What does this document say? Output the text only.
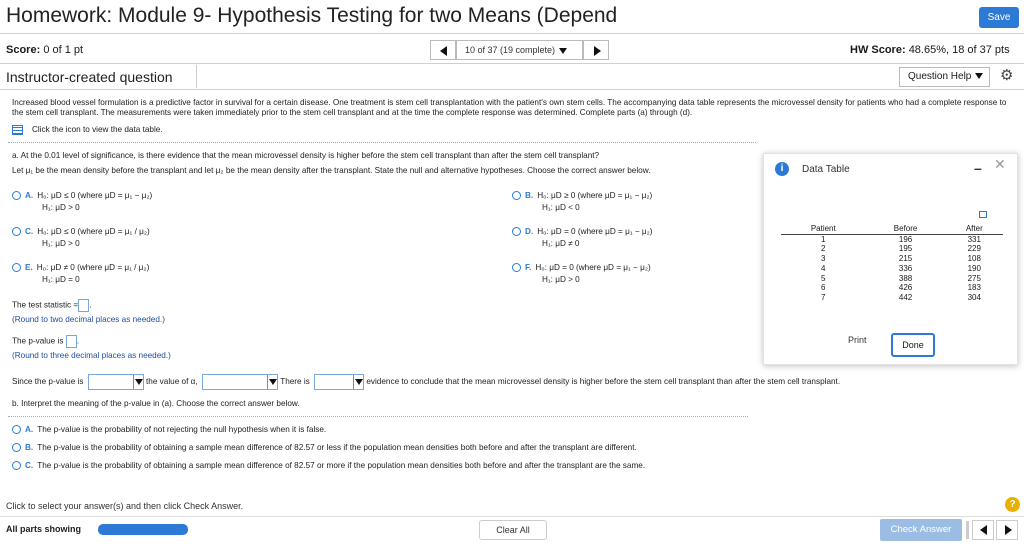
Homework: Module 9- Hypothesis Testing for two Means (Depend	Save
Score: 0 of 1 pt	10 of 37 (19 complete)	HW Score: 48.65%, 18 of 37 pts
Instructor-created question	Question Help	⚙
Increased blood vessel formulation is a predictive factor in survival for a certain disease. One treatment is stem cell transplantation with the patient's own stem cells. The accompanying data table represents the microvessel density for patients who had a complete response to the stem cell transplant. The measurements were taken immediately prior to the stem cell transplant and at the time the complete response was determined. Complete parts (a) through (d).
Click the icon to view the data table.
a. At the 0.01 level of significance, is there evidence that the mean microvessel density is higher before the stem cell transplant than after the stem cell transplant?
Let μ₁ be the mean density before the transplant and let μ₂ be the mean density after the transplant. State the null and alternative hypotheses. Choose the correct answer below.
A. H₀: μD ≤ 0 (where μD = μ₁ − μ₂)
H₁: μD > 0
B. H₀: μD ≥ 0 (where μD = μ₁ − μ₂)
H₁: μD < 0
C. H₀: μD ≤ 0 (where μD = μ₁ / μ₂)
H₁: μD > 0
D. H₀: μD = 0 (where μD = μ₁ − μ₂)
H₁: μD ≠ 0
E. H₀: μD ≠ 0 (where μD = μ₁ / μ₂)
H₁: μD = 0
F. H₀: μD = 0 (where μD = μ₁ − μ₂)
H₁: μD > 0
The test statistic = .
(Round to two decimal places as needed.)
The p-value is .
(Round to three decimal places as needed.)
Since the p-value is	the value of α,	There is	evidence to conclude that the mean microvessel density is higher before the stem cell transplant than after the stem cell transplant.
b. Interpret the meaning of the p-value in (a). Choose the correct answer below.
A. The p-value is the probability of not rejecting the null hypothesis when it is false.
B. The p-value is the probability of obtaining a sample mean difference of 82.57 or less if the population mean densities both before and after the transplant are different.
C. The p-value is the probability of obtaining a sample mean difference of 82.57 or more if the population mean densities both before and after the transplant are the same.
i	Data Table	– ✕
Patient	Before	After
1	196	331
2	195	229
3	215	108
4	336	190
5	388	275
6	426	183
7	442	304
Print	Done
Click to select your answer(s) and then click Check Answer.	?
All parts showing	Clear All	Check Answer
